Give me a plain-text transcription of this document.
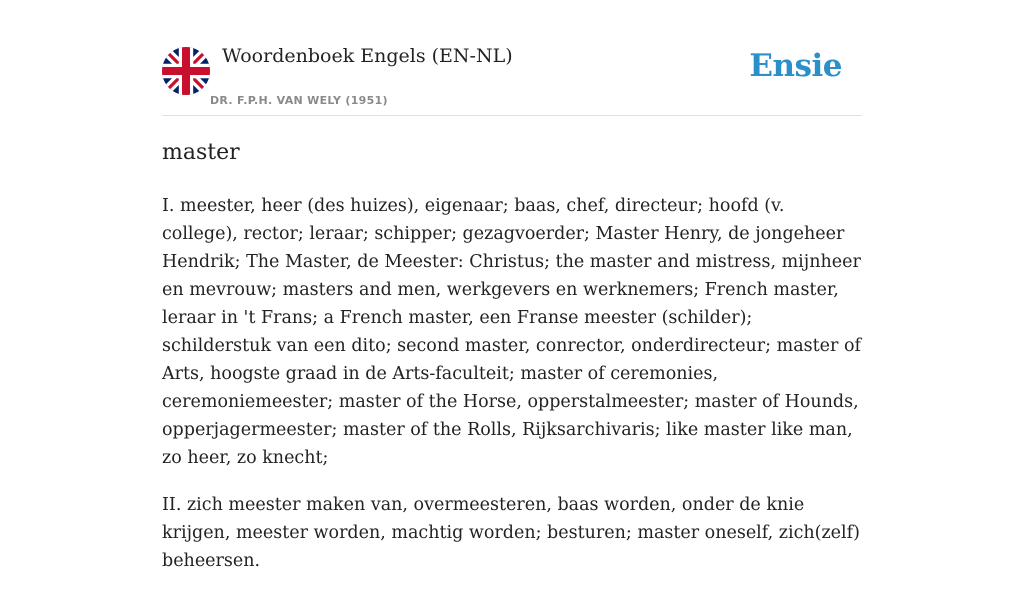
Woordenboek Engels (EN-NL)
DR. F.P.H. VAN WELY (1951)
Ensie
master

I. meester, heer (des huizes), eigenaar; baas, chef, directeur; hoofd (v. college), rector; leraar; schipper; gezagvoerder; Master Henry, de jongeheer Hendrik; The Master, de Meester: Christus; the master and mistress, mijnheer en mevrouw; masters and men, werkgevers en werknemers; French master, leraar in 't Frans; a French master, een Franse meester (schilder); schilderstuk van een dito; second master, conrector, onderdirecteur; master of Arts, hoogste graad in de Arts-faculteit; master of ceremonies, ceremoniemeester; master of the Horse, opperstalmeester; master of Hounds, opperjagermeester; master of the Rolls, Rijksarchivaris; like master like man, zo heer, zo knecht;

II. zich meester maken van, overmeesteren, baas worden, onder de knie krijgen, meester worden, machtig worden; besturen; master oneself, zich(zelf) beheersen.
